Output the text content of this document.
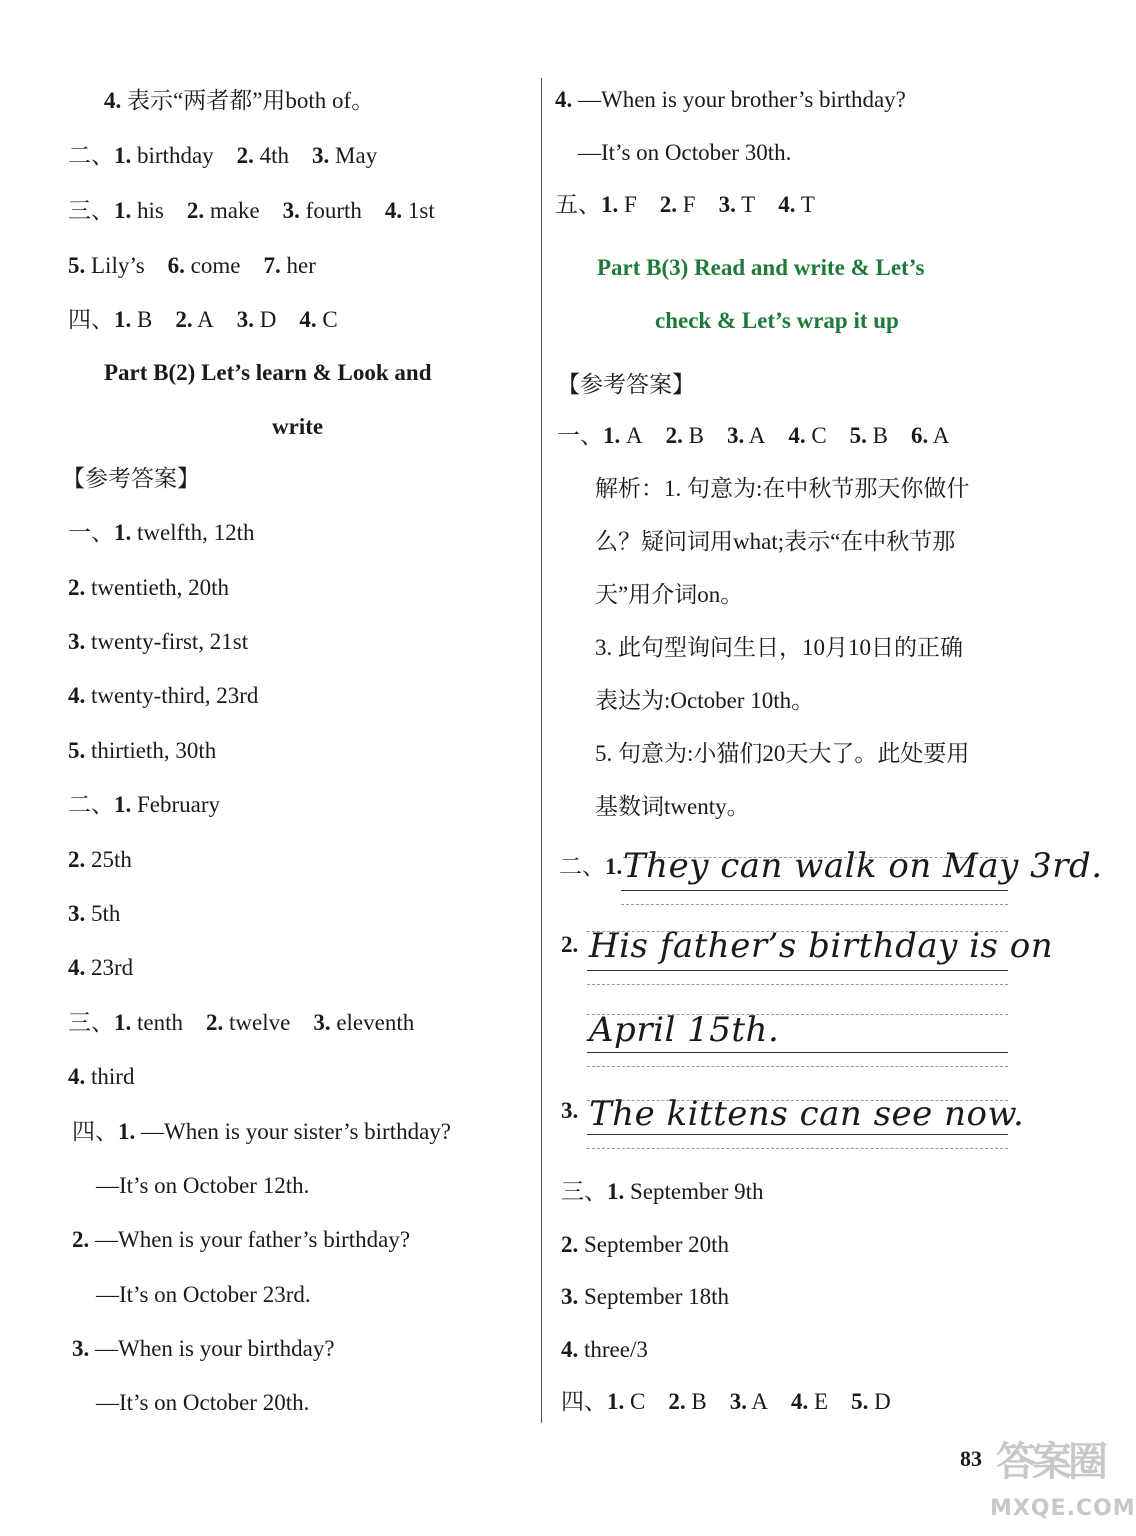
4. 表示“两者都”用both of。
二、1. birthday 2. 4th 3. May
三、1. his 2. make 3. fourth 4. 1st
5. Lily’s 6. come 7. her
四、1. B 2. A 3. D 4. C
Part B(2) Let’s learn & Look and
write
【参考答案】
一、1. twelfth, 12th
2. twentieth, 20th
3. twenty-first, 21st
4. twenty-third, 23rd
5. thirtieth, 30th
二、1. February
2. 25th
3. 5th
4. 23rd
三、1. tenth 2. twelve 3. eleventh
4. third
四、1. —When is your sister’s birthday?
—It’s on October 12th.
2. —When is your father’s birthday?
—It’s on October 23rd.
3. —When is your birthday?
—It’s on October 20th.
4. —When is your brother’s birthday?
—It’s on October 30th.
五、1. F 2. F 3. T 4. T
Part B(3) Read and write & Let’s
check & Let’s wrap it up
【参考答案】
一、1. A 2. B 3. A 4. C 5. B 6. A
解析：1. 句意为:在中秋节那天你做什
么？疑问词用what;表示“在中秋节那
天”用介词on。
3. 此句型询问生日，10月10日的正确
表达为:October 10th。
5. 句意为:小猫们20天大了。此处要用
基数词twenty。
二、1. They can walk on May 3rd.
2. His father’s birthday is on
April 15th.
3. The kittens can see now.
三、1. September 9th
2. September 20th
3. September 18th
4. three/3
四、1. C 2. B 3. A 4. E 5. D
83 答案圈
MXQE.COM
